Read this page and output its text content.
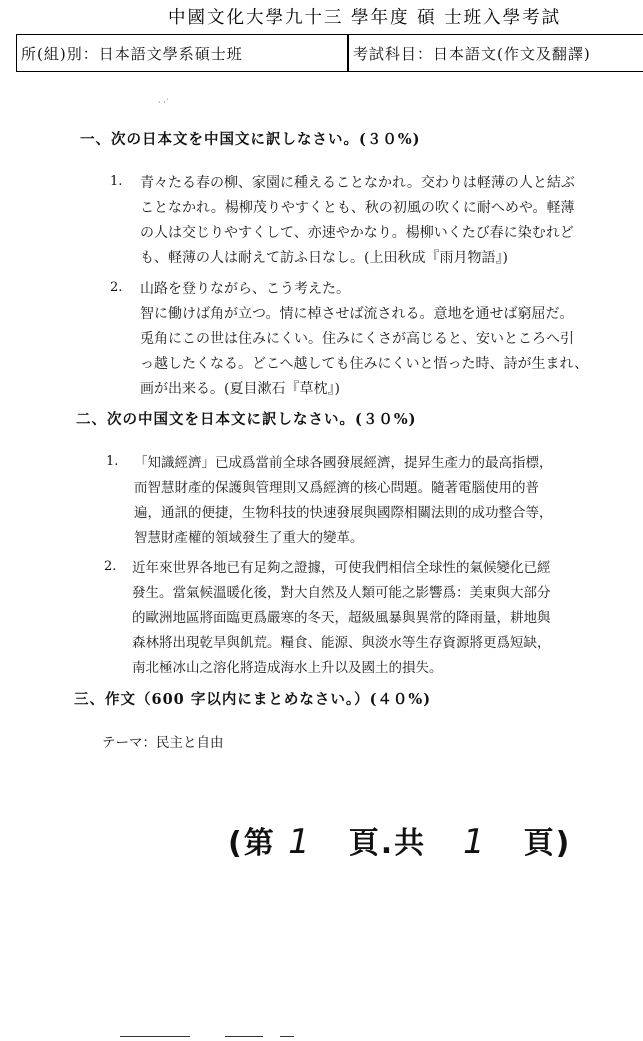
中國文化大學九十三 學年度 碩 士班入學考試
所(組)別：日本語文學系碩士班	考試科目：日本語文(作文及翻譯)
· ·˙
一、次の日本文を中国文に訳しなさい。(３０%)
1. 青々たる春の柳、家園に種えることなかれ。交わりは軽薄の人と結ぶ
ことなかれ。楊柳茂りやすくとも、秋の初風の吹くに耐へめや。軽薄
の人は交じりやすくして、亦速やかなり。楊柳いくたび春に染むれど
も、軽薄の人は耐えて訪ふ日なし。(上田秋成『雨月物語』)
2. 山路を登りながら、こう考えた。
智に働けば角が立つ。情に棹させば流される。意地を通せば窮屈だ。
兎角にこの世は住みにくい。住みにくさが高じると、安いところへ引
っ越したくなる。どこへ越しても住みにくいと悟った時、詩が生まれ、
画が出来る。(夏目漱石『草枕』)
二、次の中国文を日本文に訳しなさい。(３０%)
1. 「知識經濟」已成爲當前全球各國發展經濟，提昇生產力的最高指標，
而智慧財產的保護與管理則又爲經濟的核心問題。隨著電腦使用的普
遍，通訊的便捷，生物科技的快速發展與國際相關法則的成功整合等，
智慧財產權的領域發生了重大的變革。
2. 近年來世界各地已有足夠之證據，可使我們相信全球性的氣候變化已經
發生。當氣候溫暖化後，對大自然及人類可能之影響爲：美東與大部分
的歐洲地區將面臨更爲嚴寒的冬天，超級風暴與異常的降雨量，耕地與
森林將出現乾旱與飢荒。糧食、能源、與淡水等生存資源將更爲短缺，
南北極冰山之溶化將造成海水上升以及國土的損失。
三、作文（600 字以内にまとめなさい。）(４０%)
テーマ：民主と自由
(第 1 頁.共 1 頁)
